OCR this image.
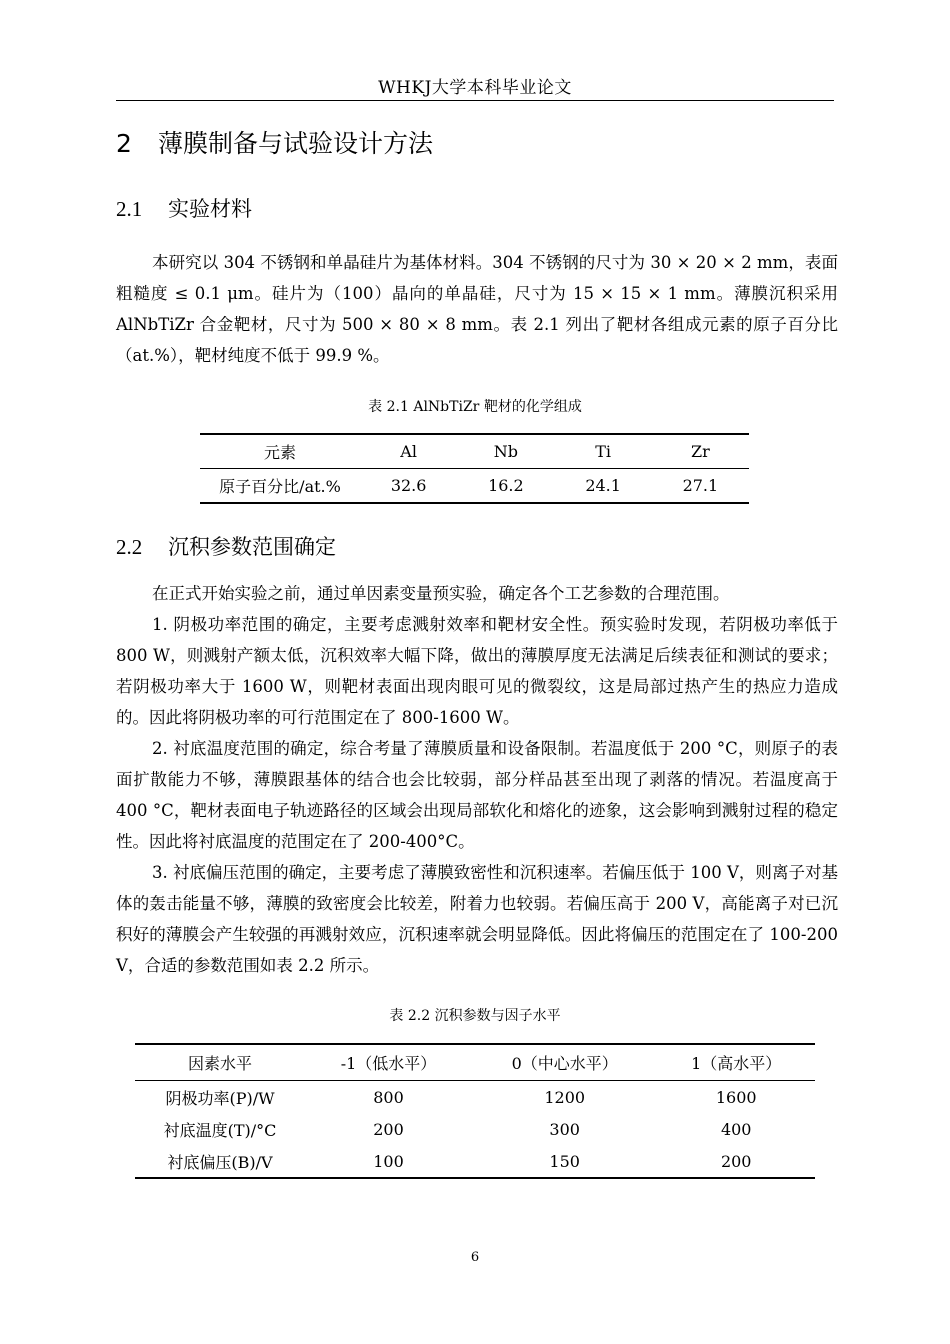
WHKJ大学本科毕业论文
2 薄膜制备与试验设计方法
2.1 实验材料
本研究以 304 不锈钢和单晶硅片为基体材料。304 不锈钢的尺寸为 30 × 20 × 2 mm，表面粗糙度 ≤ 0.1 μm。硅片为（100）晶向的单晶硅，尺寸为 15 × 15 × 1 mm。薄膜沉积采用 AlNbTiZr 合金靶材，尺寸为 500 × 80 × 8 mm。表 2.1 列出了靶材各组成元素的原子百分比（at.%），靶材纯度不低于 99.9 %。
表 2.1 AlNbTiZr 靶材的化学组成
元素	Al	Nb	Ti	Zr
原子百分比/at.%	32.6	16.2	24.1	27.1
2.2 沉积参数范围确定
在正式开始实验之前，通过单因素变量预实验，确定各个工艺参数的合理范围。
1. 阴极功率范围的确定，主要考虑溅射效率和靶材安全性。预实验时发现，若阴极功率低于 800 W，则溅射产额太低，沉积效率大幅下降，做出的薄膜厚度无法满足后续表征和测试的要求；若阴极功率大于 1600 W，则靶材表面出现肉眼可见的微裂纹，这是局部过热产生的热应力造成的。因此将阴极功率的可行范围定在了 800-1600 W。
2. 衬底温度范围的确定，综合考量了薄膜质量和设备限制。若温度低于 200 °C，则原子的表面扩散能力不够，薄膜跟基体的结合也会比较弱，部分样品甚至出现了剥落的情况。若温度高于 400 °C，靶材表面电子轨迹路径的区域会出现局部软化和熔化的迹象，这会影响到溅射过程的稳定性。因此将衬底温度的范围定在了 200-400°C。
3. 衬底偏压范围的确定，主要考虑了薄膜致密性和沉积速率。若偏压低于 100 V，则离子对基体的轰击能量不够，薄膜的致密度会比较差，附着力也较弱。若偏压高于 200 V，高能离子对已沉积好的薄膜会产生较强的再溅射效应，沉积速率就会明显降低。因此将偏压的范围定在了 100-200 V，合适的参数范围如表 2.2 所示。
表 2.2 沉积参数与因子水平
因素水平	-1（低水平）	0（中心水平）	1（高水平）
阴极功率(P)/W	800	1200	1600
衬底温度(T)/°C	200	300	400
衬底偏压(B)/V	100	150	200
6
